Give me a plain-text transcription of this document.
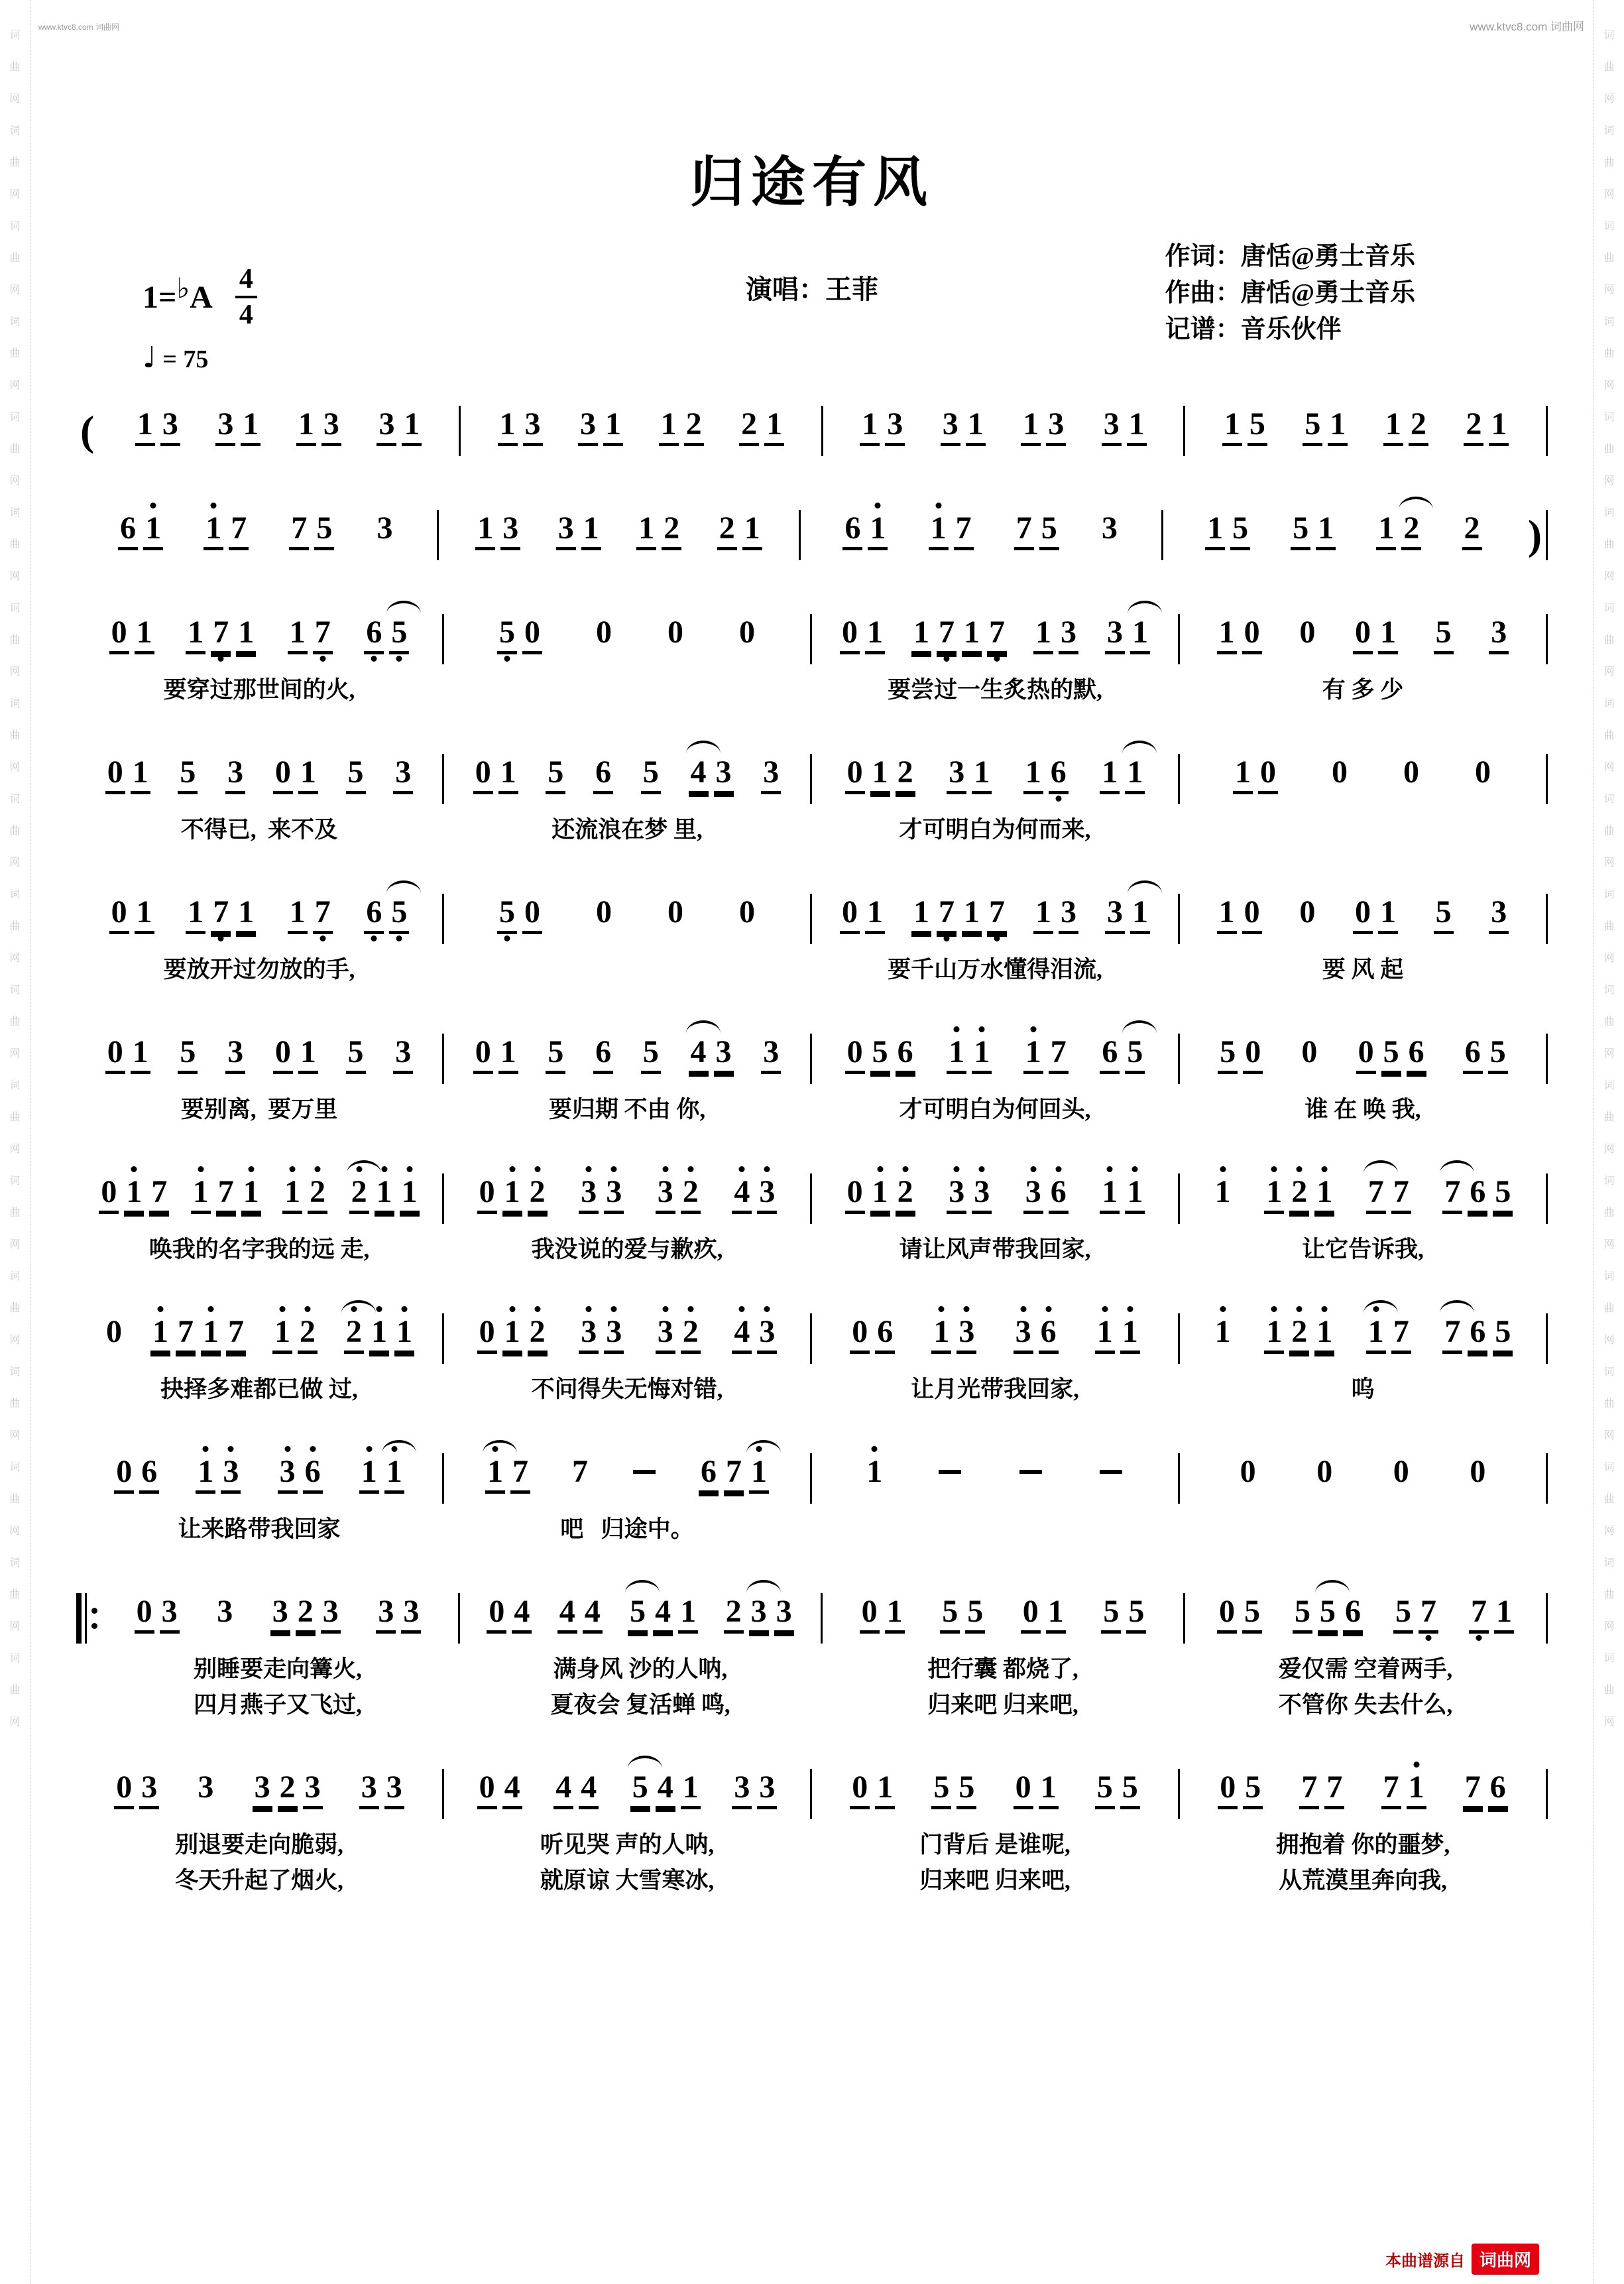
词
曲
网
词
曲
网
词
曲
网
词
曲
网
词
曲
网
词
曲
网
词
曲
网
词
曲
网
词
曲
网
词
曲
网
词
曲
网
词
曲
网
词
曲
网
词
曲
网
词
曲
网
词
曲
网
词
曲
网
词
曲
网
词
曲
网
词
曲
网
词
曲
网
词
曲
网
词
曲
网
词
曲
网
词
曲
网
词
曲
网
词
曲
网
词
曲
网
词
曲
网
词
曲
网
词
曲
网
词
曲
网
词
曲
网
词
曲
网
词
曲
网
词
曲
网
www.ktvc8.com 词曲网	www.ktvc8.com 词曲网
归途有风
演唱：王菲
作词：唐恬@勇士音乐
作曲：唐恬@勇士音乐
记谱：音乐伙伴
1= ♭ A $\frac{4}{4}$
♩ = 75
( 1 3 3 1 1 3 3 1	1 3 3 1 1 2 2 1	1 3 3 1 1 3 3 1	1 5 5 1 1 2 2 1
6 1 1 7 7 5 3	1 3 3 1 1 2 2 1	6 1 1 7 7 5 3	1 5 5 1 1 2 2 )
0 1 1 7 1 1 7 6 5
要穿过那世间的火,
5 0 0 0 0	0 1 1 7 1 7 1 3 3 1
要尝过一生炙热的默,
1 0 0 0 1 5 3
有 多 少
0 1 5 3 0 1 5 3
不得已,  来不及
0 1 5 6 5 4 3 3
还流浪在梦 里,
0 1 2 3 1 1 6 1 1
才可明白为何而来,
1 0 0 0 0
0 1 1 7 1 1 7 6 5
要放开过勿放的手,
5 0 0 0 0	0 1 1 7 1 7 1 3 3 1
要千山万水懂得泪流,
1 0 0 0 1 5 3
要 风 起
0 1 5 3 0 1 5 3
要别离,  要万里
0 1 5 6 5 4 3 3
要归期 不由 你,
0 5 6 1 1 1 7 6 5
才可明白为何回头,
5 0 0 0 5 6 6 5
谁 在 唤 我,
0 1 7 1 7 1 1 2 2 1 1
唤我的名字我的远 走,
0 1 2 3 3 3 2 4 3
我没说的爱与歉疚,
0 1 2 3 3 3 6 1 1
请让风声带我回家,
1 1 2 1 7 7 7 6 5
让它告诉我,
0 1 7 1 7 1 2 2 1 1
抉择多难都已做 过,
0 1 2 3 3 3 2 4 3
不问得失无悔对错,
0 6 1 3 3 6 1 1
让月光带我回家,
1 1 2 1 1 7 7 6 5
呜
0 6 1 3 3 6 1 1
让来路带我回家
1 7 7	6 7 1
吧   归途中。
1	0 0 0 0
0 3 3 3 2 3 3 3
别睡要走向篝火,
四月燕子又飞过,
0 4 4 4 5 4 1 2 3 3
满身风 沙的人呐,
夏夜会 复活蝉 鸣,
0 1 5 5 0 1 5 5
把行囊 都烧了,
归来吧 归来吧,
0 5 5 5 6 5 7 7 1
爱仅需 空着两手,
不管你 失去什么,
0 3 3 3 2 3 3 3
别退要走向脆弱,
冬天升起了烟火,
0 4 4 4 5 4 1 3 3
听见哭 声的人呐,
就原谅 大雪寒冰,
0 1 5 5 0 1 5 5
门背后 是谁呢,
归来吧 归来吧,
0 5 7 7 7 1 7 6
拥抱着 你的噩梦,
从荒漠里奔向我,
本曲谱源自 词曲网
